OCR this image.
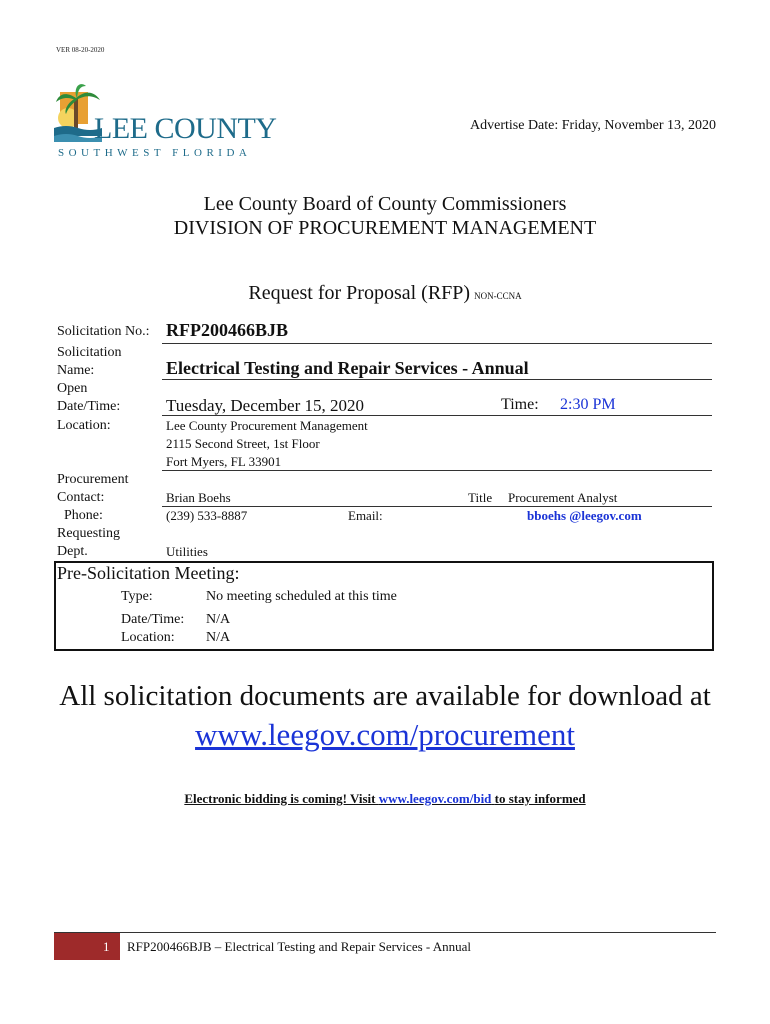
VER 08-20-2020
LEE COUNTY
SOUTHWEST FLORIDA
Advertise Date: Friday, November 13, 2020
Lee County Board of County Commissioners
DIVISION OF PROCUREMENT MANAGEMENT
Request for Proposal (RFP) NON-CCNA
Solicitation No.: RFP200466BJB
Solicitation
Name:	Electrical Testing and Repair Services - Annual
Open
Date/Time:	Tuesday, December 15, 2020	Time: 2:30 PM
Location:	Lee County Procurement Management
2115 Second Street, 1st Floor
Fort Myers, FL 33901
Procurement
Contact:	Brian Boehs	Title Procurement Analyst
Phone:	(239) 533-8887	Email:	bboehs @leegov.com
Requesting
Dept.	Utilities
Pre-Solicitation Meeting:
Type:	No meeting scheduled at this time
Date/Time: N/A
Location: N/A
All solicitation documents are available for download at
www.leegov.com/procurement
Electronic bidding is coming! Visit www.leegov.com/bid to stay informed
1 RFP200466BJB – Electrical Testing and Repair Services - Annual
